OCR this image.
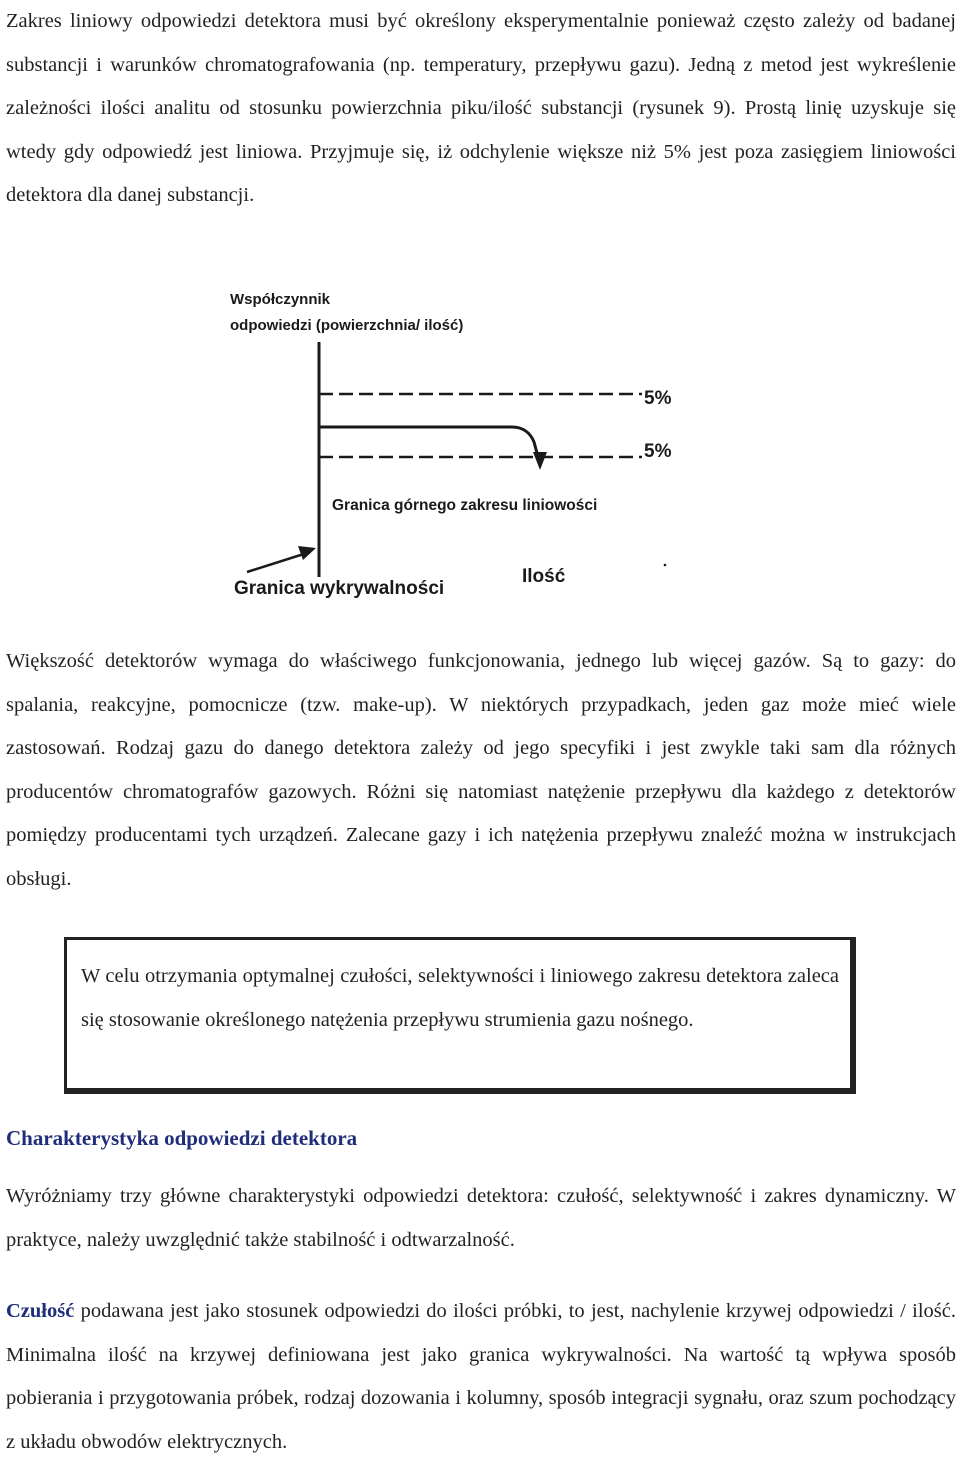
Zakres liniowy odpowiedzi detektora musi być określony eksperymentalnie ponieważ często zależy od badanej substancji i warunków chromatografowania (np. temperatury, przepływu gazu). Jedną z metod jest wykreślenie zależności ilości analitu od stosunku powierzchnia piku/ilość substancji (rysunek 9). Prostą linię uzyskuje się wtedy gdy odpowiedź jest liniowa. Przyjmuje się, iż odchylenie większe niż 5% jest poza zasięgiem liniowości detektora dla danej substancji.

Współczynnik
odpowiedzi (powierzchnia/ ilość)
5%
5%
Granica górnego zakresu liniowości
Granica wykrywalności
Ilość

Większość detektorów wymaga do właściwego funkcjonowania, jednego lub więcej gazów. Są to gazy: do spalania, reakcyjne, pomocnicze (tzw. make-up). W niektórych przypadkach, jeden gaz może mieć wiele zastosowań. Rodzaj gazu do danego detektora zależy od jego specyfiki i jest zwykle taki sam dla różnych producentów chromatografów gazowych. Różni się natomiast natężenie przepływu dla każdego z detektorów pomiędzy producentami tych urządzeń. Zalecane gazy i ich natężenia przepływu znaleźć można w instrukcjach obsługi.

W celu otrzymania optymalnej czułości, selektywności i liniowego zakresu detektora zaleca się stosowanie określonego natężenia przepływu strumienia gazu nośnego.

Charakterystyka odpowiedzi detektora

Wyróżniamy trzy główne charakterystyki odpowiedzi detektora: czułość, selektywność i zakres dynamiczny. W praktyce, należy uwzględnić także stabilność i odtwarzalność.

Czułość podawana jest jako stosunek odpowiedzi do ilości próbki, to jest, nachylenie krzywej odpowiedzi / ilość. Minimalna ilość na krzywej definiowana jest jako granica wykrywalności. Na wartość tą wpływa sposób pobierania i przygotowania próbek, rodzaj dozowania i kolumny, sposób integracji sygnału, oraz szum pochodzący z układu obwodów elektrycznych.
